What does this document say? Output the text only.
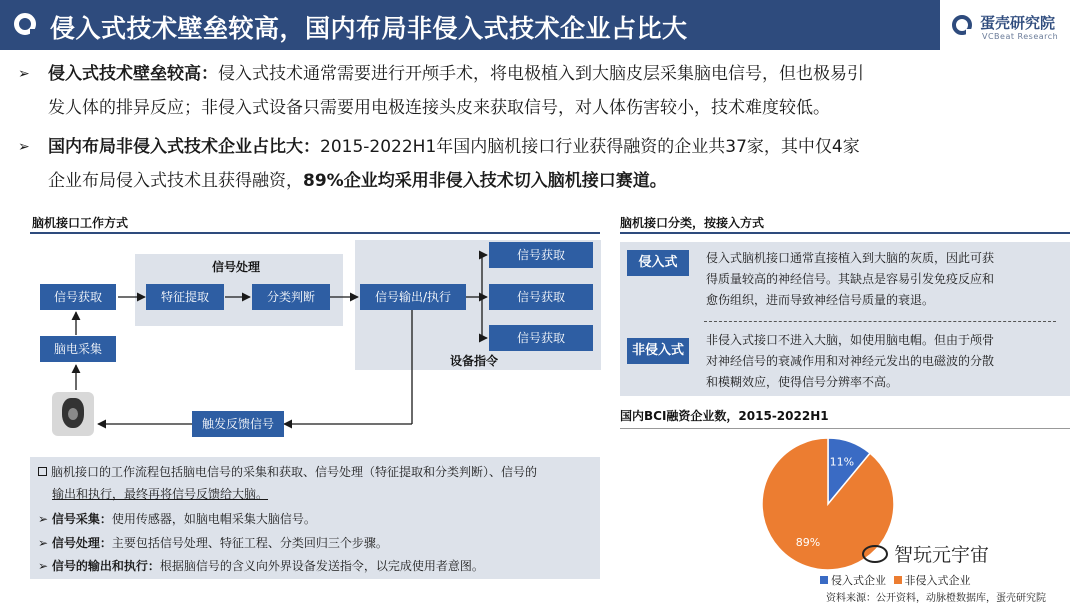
侵入式技术壁垒较高，国内布局非侵入式技术企业占比大	蛋壳研究院
VCBeat Research
➢ 侵入式技术壁垒较高：侵入式技术通常需要进行开颅手术，将电极植入到大脑皮层采集脑电信号，但也极易引
发人体的排异反应；非侵入式设备只需要用电极连接头皮来获取信号，对人体伤害较小，技术难度较低。
➢ 国内布局非侵入式技术企业占比大：2015-2022H1年国内脑机接口行业获得融资的企业共37家，其中仅4家
企业布局侵入式技术且获得融资，89%企业均采用非侵入技术切入脑机接口赛道。
脑机接口工作方式
信号处理
设备指令
信号获取	特征提取	分类判断	信号输出/执行
信号获取
信号获取
信号获取
脑电采集
触发反馈信号
脑机接口的工作流程包括脑电信号的采集和获取、信号处理（特征提取和分类判断）、信号的
输出和执行，最终再将信号反馈给大脑。
➢ 信号采集：使用传感器，如脑电帽采集大脑信号。
➢ 信号处理：主要包括信号处理、特征工程、分类回归三个步骤。
➢ 信号的输出和执行：根据脑信号的含义向外界设备发送指令，以完成使用者意图。
脑机接口分类，按接入方式
侵入式	侵入式脑机接口通常直接植入到大脑的灰质，因此可获
得质量较高的神经信号。其缺点是容易引发免疫反应和
愈伤组织，进而导致神经信号质量的衰退。
非侵入式
非侵入式接口不进入大脑，如使用脑电帽。但由于颅骨
对神经信号的衰减作用和对神经元发出的电磁波的分散
和模糊效应，使得信号分辨率不高。
国内BCI融资企业数，2015-2022H1
11%
89%
侵入式企业 非侵入式企业
资料来源：公开资料，动脉橙数据库，蛋壳研究院
智玩元宇宙
